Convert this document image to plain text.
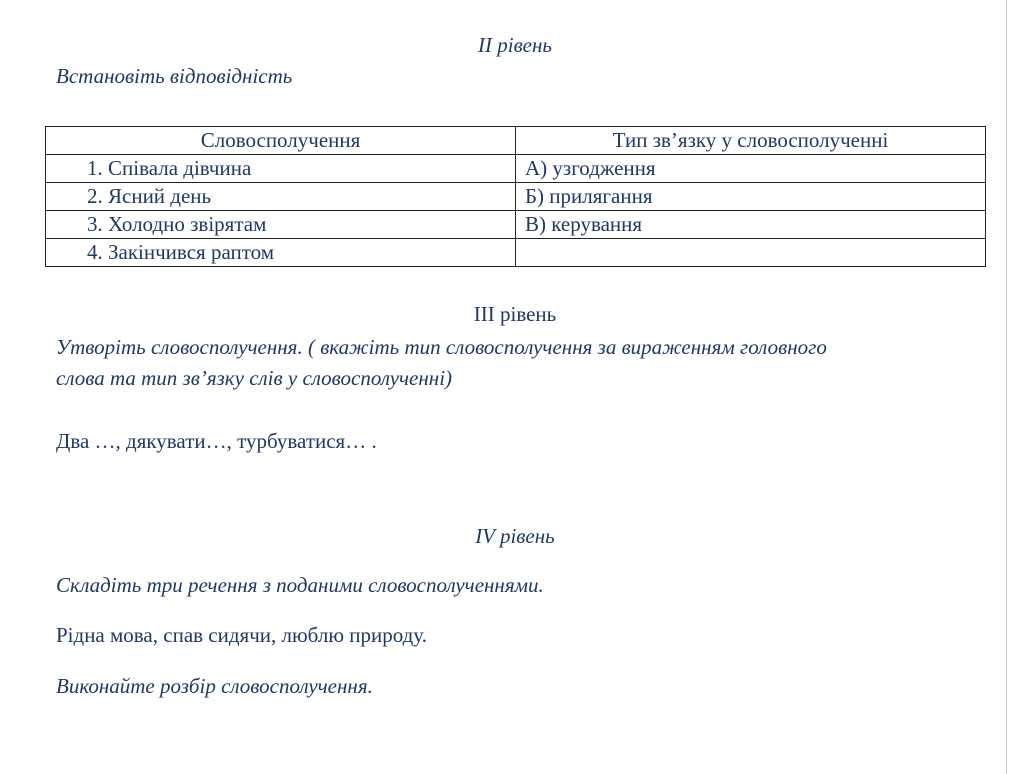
II рівень
Встановіть відповідність
Словосполучення	Тип зв’язку у словосполученні
1. Співала дівчина	А) узгодження
2. Ясний день	Б) прилягання
3. Холодно звірятам	В) керування
4. Закінчився раптом	
III рівень
Утворіть словосполучення. ( вкажіть тип словосполучення за вираженням головного
слова та тип зв’язку слів у словосполученні)
Два …, дякувати…, турбуватися… .
IV рівень
Складіть три речення з поданими словосполученнями.
Рідна мова, спав сидячи, люблю природу.
Виконайте розбір словосполучення.
